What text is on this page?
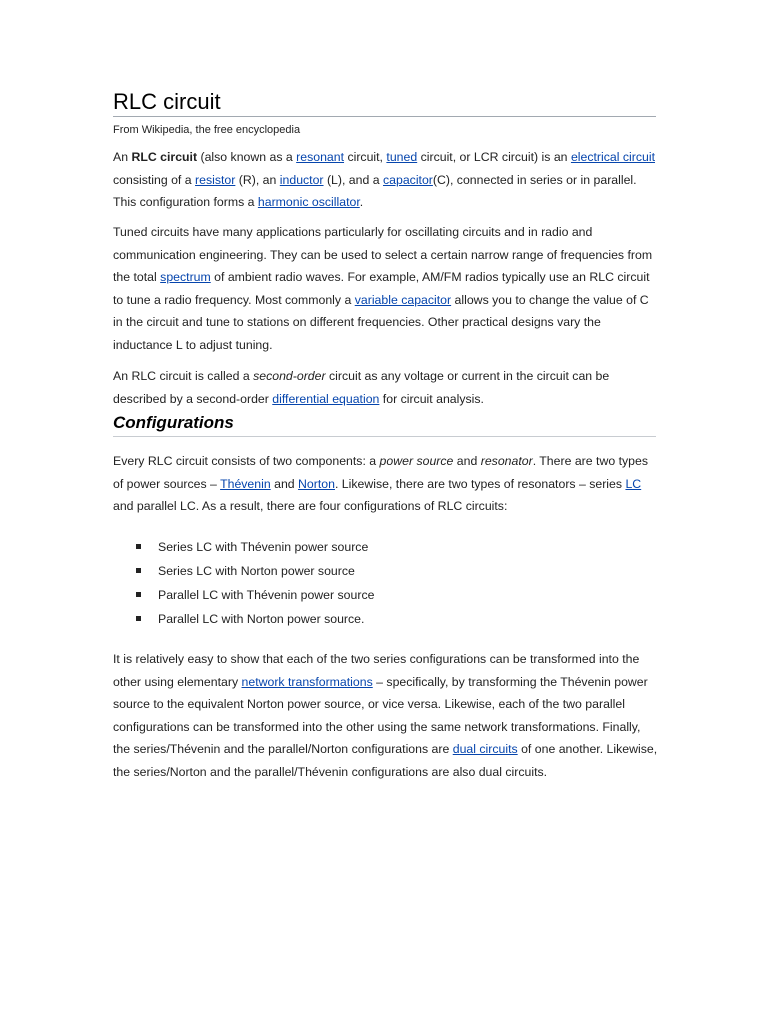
RLC circuit
From Wikipedia, the free encyclopedia

An RLC circuit (also known as a resonant circuit, tuned circuit, or LCR circuit) is an electrical circuit consisting of a resistor (R), an inductor (L), and a capacitor(C), connected in series or in parallel. This configuration forms a harmonic oscillator.

Tuned circuits have many applications particularly for oscillating circuits and in radio and communication engineering. They can be used to select a certain narrow range of frequencies from the total spectrum of ambient radio waves. For example, AM/FM radios typically use an RLC circuit to tune a radio frequency. Most commonly a variable capacitor allows you to change the value of C in the circuit and tune to stations on different frequencies. Other practical designs vary the inductance L to adjust tuning.

An RLC circuit is called a second-order circuit as any voltage or current in the circuit can be described by a second-order differential equation for circuit analysis.

Configurations

Every RLC circuit consists of two components: a power source and resonator. There are two types of power sources – Thévenin and Norton. Likewise, there are two types of resonators – series LC and parallel LC. As a result, there are four configurations of RLC circuits:

Series LC with Thévenin power source
Series LC with Norton power source
Parallel LC with Thévenin power source
Parallel LC with Norton power source.

It is relatively easy to show that each of the two series configurations can be transformed into the other using elementary network transformations – specifically, by transforming the Thévenin power source to the equivalent Norton power source, or vice versa. Likewise, each of the two parallel configurations can be transformed into the other using the same network transformations. Finally, the series/Thévenin and the parallel/Norton configurations are dual circuits of one another. Likewise, the series/Norton and the parallel/Thévenin configurations are also dual circuits.
